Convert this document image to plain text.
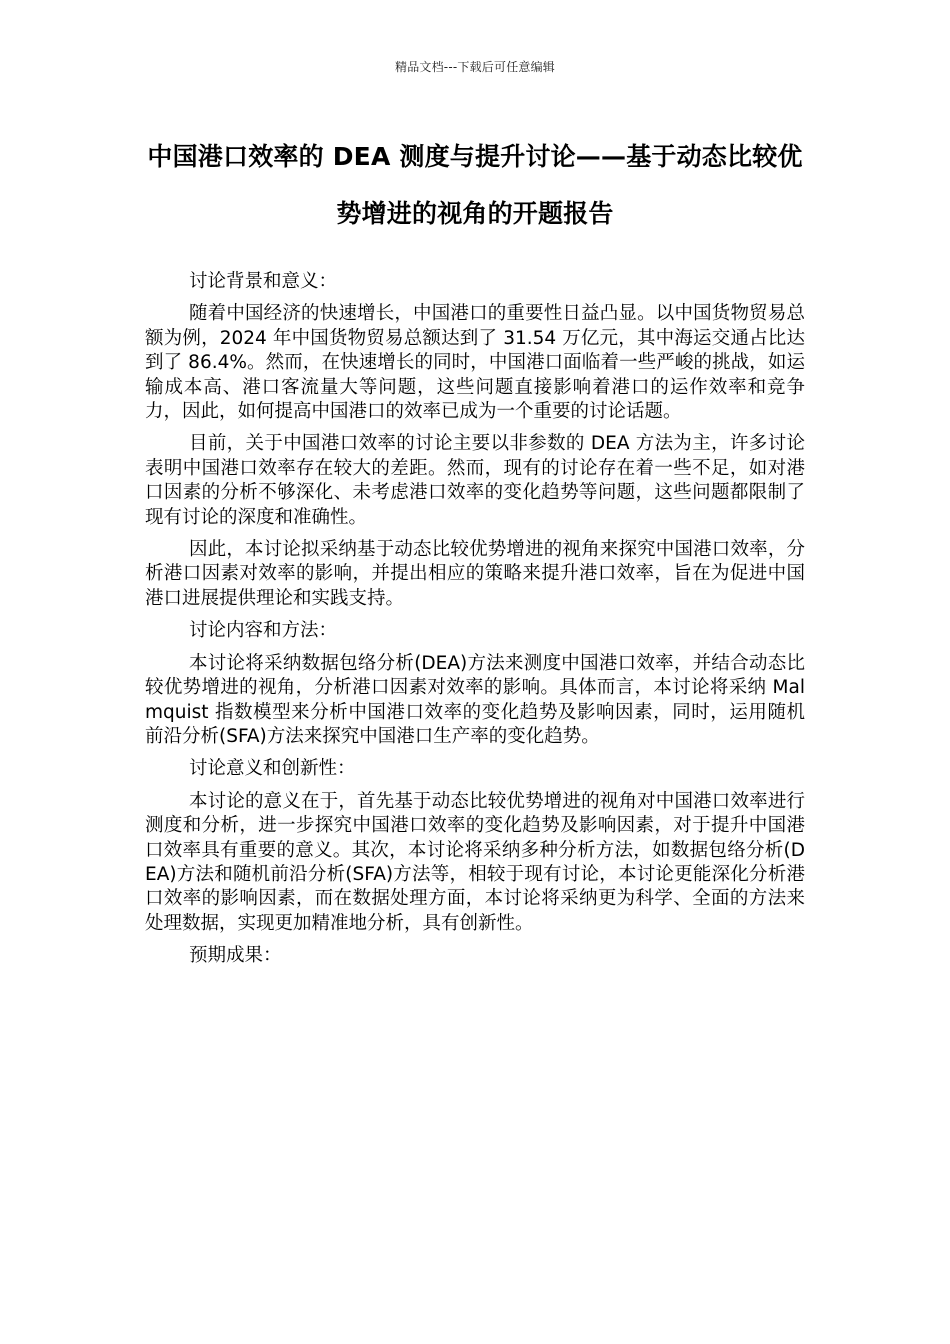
精品文档---下载后可任意编辑
中国港口效率的 DEA 测度与提升讨论——基于动态比较优势增进的视角的开题报告

讨论背景和意义：

随着中国经济的快速增长，中国港口的重要性日益凸显。以中国货物贸易总额为例，2024 年中国货物贸易总额达到了 31.54 万亿元，其中海运交通占比达到了 86.4%。然而，在快速增长的同时，中国港口面临着一些严峻的挑战，如运输成本高、港口客流量大等问题，这些问题直接影响着港口的运作效率和竞争力，因此，如何提高中国港口的效率已成为一个重要的讨论话题。

目前，关于中国港口效率的讨论主要以非参数的 DEA 方法为主，许多讨论表明中国港口效率存在较大的差距。然而，现有的讨论存在着一些不足，如对港口因素的分析不够深化、未考虑港口效率的变化趋势等问题，这些问题都限制了现有讨论的深度和准确性。

因此，本讨论拟采纳基于动态比较优势增进的视角来探究中国港口效率，分析港口因素对效率的影响，并提出相应的策略来提升港口效率，旨在为促进中国港口进展提供理论和实践支持。

讨论内容和方法：

本讨论将采纳数据包络分析(DEA)方法来测度中国港口效率，并结合动态比较优势增进的视角，分析港口因素对效率的影响。具体而言，本讨论将采纳 Malmquist 指数模型来分析中国港口效率的变化趋势及影响因素，同时，运用随机前沿分析(SFA)方法来探究中国港口生产率的变化趋势。

讨论意义和创新性：

本讨论的意义在于，首先基于动态比较优势增进的视角对中国港口效率进行测度和分析，进一步探究中国港口效率的变化趋势及影响因素，对于提升中国港口效率具有重要的意义。其次，本讨论将采纳多种分析方法，如数据包络分析(DEA)方法和随机前沿分析(SFA)方法等，相较于现有讨论，本讨论更能深化分析港口效率的影响因素，而在数据处理方面，本讨论将采纳更为科学、全面的方法来处理数据，实现更加精准地分析，具有创新性。

预期成果：
